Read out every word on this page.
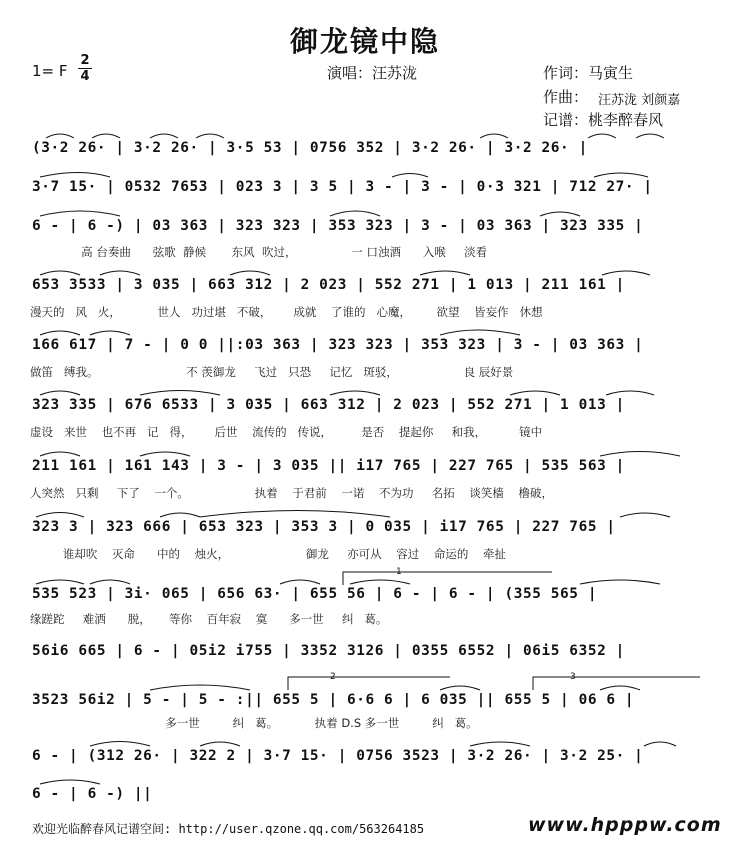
御龙镜中隐
1= F
2
4	演唱：汪苏泷	作词：马寅生
作曲： 汪苏泷 刘颜嘉
记谱：桃李醉春风
(3·2 26· | 3·2 26· | 3·5 53 | 0756 352 | 3·2 26· | 3·2 26· |
3·7 15· | 0532 7653 | 023 3 | 3 5 | 3 - | 3 - | 0·3 321 | 712 27· |
6 - | 6 -) | 03 363 | 323 323 | 353 323 | 3 - | 03 363 | 323 335 |
653 3533 | 3 035 | 663 312 | 2 023 | 552 271 | 1 013 | 211 161 |
166 617 | 7 - | 0 0 ||:03 363 | 323 323 | 353 323 | 3 - | 03 363 |
323 335 | 676 6533 | 3 035 | 663 312 | 2 023 | 552 271 | 1 013 |
211 161 | 161 143 | 3 - | 3 035 || i17 765 | 227 765 | 535 563 |
323 3 | 323 666 | 653 323 | 353 3 | 0 035 | i17 765 | 227 765 |
535 523 | 3i· 065 | 656 63· | 655 56 | 6 - | 6 - | (355 565 |
56i6 665 | 6 - | 05i2 i755 | 3352 3126 | 0355 6552 | 06i5 6352 |
3523 56i2 | 5 - | 5 - :|| 655 5 | 6·6 6 | 6 035 || 655 5 | 06 6 |
6 - | (312 26· | 322 2 | 3·7 15· | 0756 3523 | 3·2 26· | 3·2 25· |
6 - | 6 -) ||
高 台奏曲      弦歌  静候       东风  吹过，               一 口浊酒      入喉     淡看
漫天的   风   火，          世人   功过堪   不破，      成就    了谁的   心魔，       欲望    皆妄作   休想
做笛   缚我。                        不 羡御龙     飞过   只恐     记忆   斑驳，                  良 辰好景
虚设   来世    也不再   记   得，      后世    流传的   传说，        是否    提起你     和我，         镜中
人突然   只剩     下了    一个。                  执着    于君前    一诺    不为功     名拓    谈笑樯    橹破，
谁却吹    灭命      中的    烛火，                     御龙     亦可从    容过    命运的    牵扯
缘蹉跎     难洒      脱，     等你    百年寂    寞      多一世     纠   葛。
多一世         纠   葛。          执着 D.S 多一世         纠   葛。
1
2	3
欢迎光临醉春风记谱空间: http://user.qzone.qq.com/563264185	www.hpppw.com
